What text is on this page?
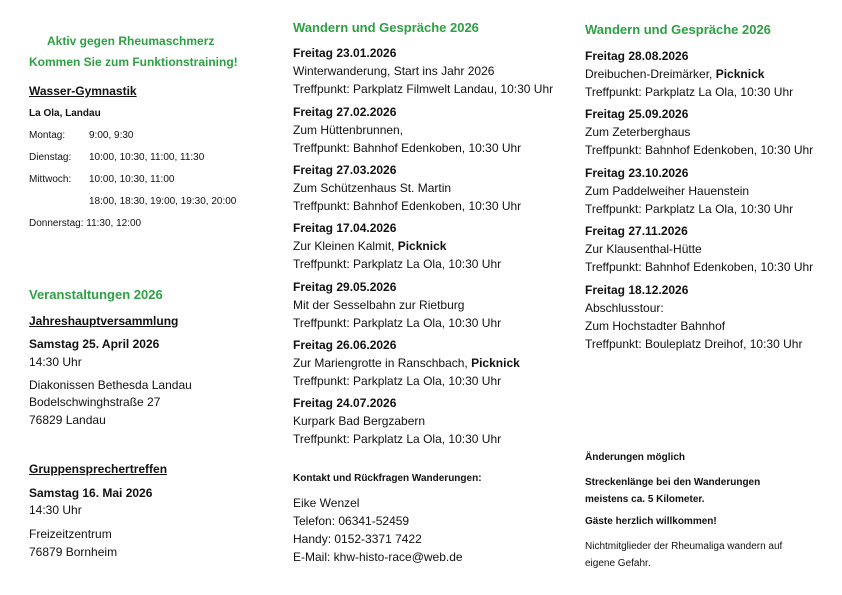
Aktiv gegen Rheumaschmerz
Kommen Sie zum Funktionstraining!
Wasser-Gymnastik
La Ola, Landau
Montag: 9:00, 9:30
Dienstag: 10:00, 10:30, 11:00, 11:30
Mittwoch: 10:00, 10:30, 11:00
18:00, 18:30, 19:00, 19:30, 20:00
Donnerstag: 11:30, 12:00
Veranstaltungen 2026
Jahreshauptversammlung
Samstag 25. April 2026
14:30 Uhr
Diakonissen Bethesda Landau
Bodelschwinghstraße 27
76829 Landau
Gruppensprechertreffen
Samstag 16. Mai 2026
14:30 Uhr
Freizeitzentrum
76879 Bornheim
Wandern und Gespräche 2026
Freitag 23.01.2026
Winterwanderung, Start ins Jahr 2026
Treffpunkt: Parkplatz Filmwelt Landau, 10:30 Uhr
Freitag 27.02.2026
Zum Hüttenbrunnen,
Treffpunkt: Bahnhof Edenkoben, 10:30 Uhr
Freitag 27.03.2026
Zum Schützenhaus St. Martin
Treffpunkt: Bahnhof Edenkoben, 10:30 Uhr
Freitag 17.04.2026
Zur Kleinen Kalmit, Picknick
Treffpunkt: Parkplatz La Ola, 10:30 Uhr
Freitag 29.05.2026
Mit der Sesselbahn zur Rietburg
Treffpunkt: Parkplatz La Ola, 10:30 Uhr
Freitag 26.06.2026
Zur Mariengrotte in Ranschbach, Picknick
Treffpunkt: Parkplatz La Ola, 10:30 Uhr
Freitag 24.07.2026
Kurpark Bad Bergzabern
Treffpunkt: Parkplatz La Ola, 10:30 Uhr
Kontakt und Rückfragen Wanderungen:
Eike Wenzel
Telefon: 06341-52459
Handy: 0152-3371 7422
E-Mail: khw-histo-race@web.de
Wandern und Gespräche 2026
Freitag 28.08.2026
Dreibuchen-Dreimärker, Picknick
Treffpunkt: Parkplatz La Ola, 10:30 Uhr
Freitag 25.09.2026
Zum Zeterberghaus
Treffpunkt: Bahnhof Edenkoben, 10:30 Uhr
Freitag 23.10.2026
Zum Paddelweiher Hauenstein
Treffpunkt: Parkplatz La Ola, 10:30 Uhr
Freitag 27.11.2026
Zur Klausenthal-Hütte
Treffpunkt: Bahnhof Edenkoben, 10:30 Uhr
Freitag 18.12.2026
Abschlusstour:
Zum Hochstadter Bahnhof
Treffpunkt: Bouleplatz Dreihof, 10:30 Uhr
Änderungen möglich
Streckenlänge bei den Wanderungen
meistens ca. 5 Kilometer.
Gäste herzlich willkommen!
Nichtmitglieder der Rheumaliga wandern auf
eigene Gefahr.
